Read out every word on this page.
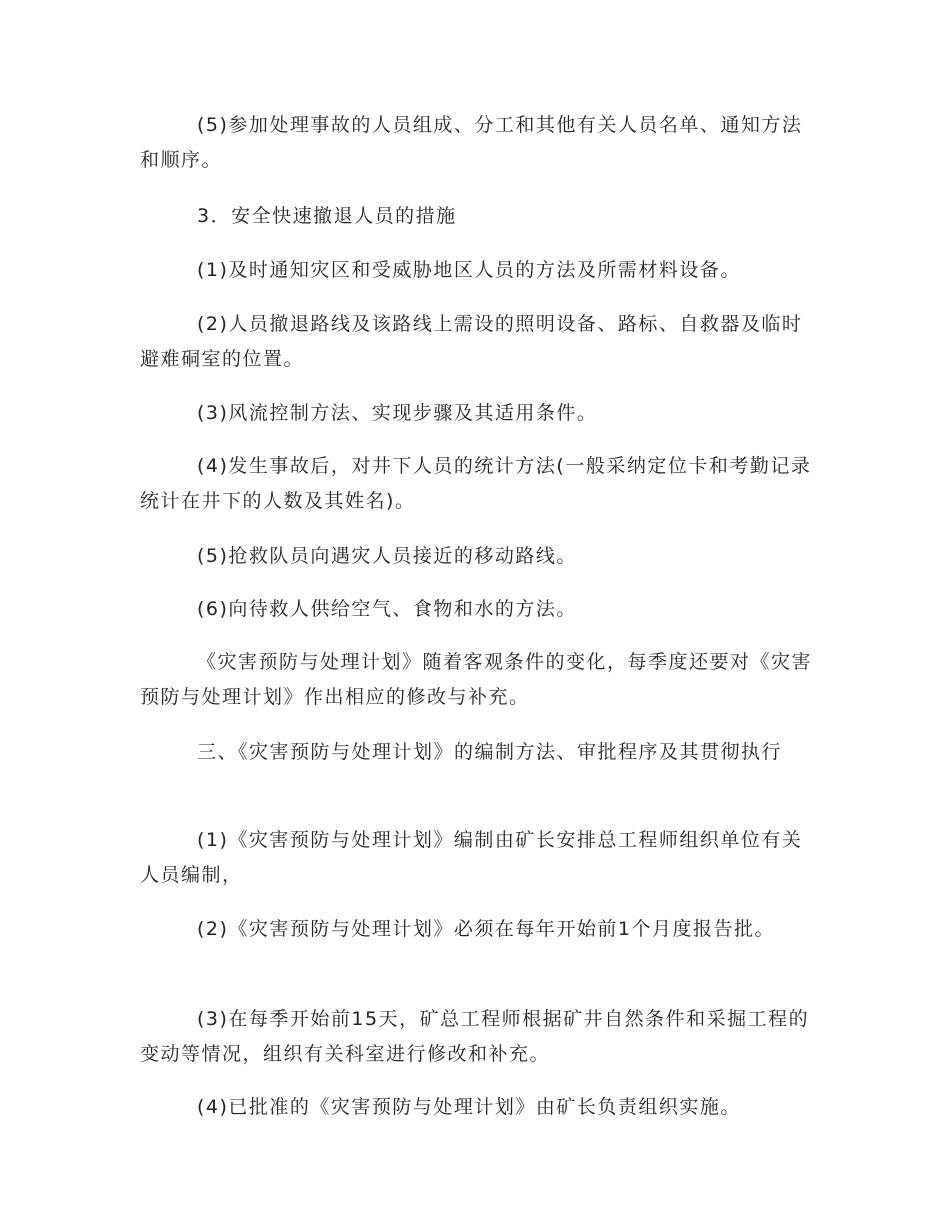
(5)参加处理事故的人员组成、分工和其他有关人员名单、通知方法和顺序。

3．安全快速撤退人员的措施

(1)及时通知灾区和受威胁地区人员的方法及所需材料设备。

(2)人员撤退路线及该路线上需设的照明设备、路标、自救器及临时避难硐室的位置。

(3)风流控制方法、实现步骤及其适用条件。

(4)发生事故后，对井下人员的统计方法(一般采纳定位卡和考勤记录统计在井下的人数及其姓名)。

(5)抢救队员向遇灾人员接近的移动路线。

(6)向待救人供给空气、食物和水的方法。

《灾害预防与处理计划》随着客观条件的变化，每季度还要对《灾害预防与处理计划》作出相应的修改与补充。

三、《灾害预防与处理计划》的编制方法、审批程序及其贯彻执行

(1)《灾害预防与处理计划》编制由矿长安排总工程师组织单位有关人员编制，

(2)《灾害预防与处理计划》必须在每年开始前1个月度报告批。

(3)在每季开始前15天，矿总工程师根据矿井自然条件和采掘工程的变动等情况，组织有关科室进行修改和补充。

(4)已批准的《灾害预防与处理计划》由矿长负责组织实施。
